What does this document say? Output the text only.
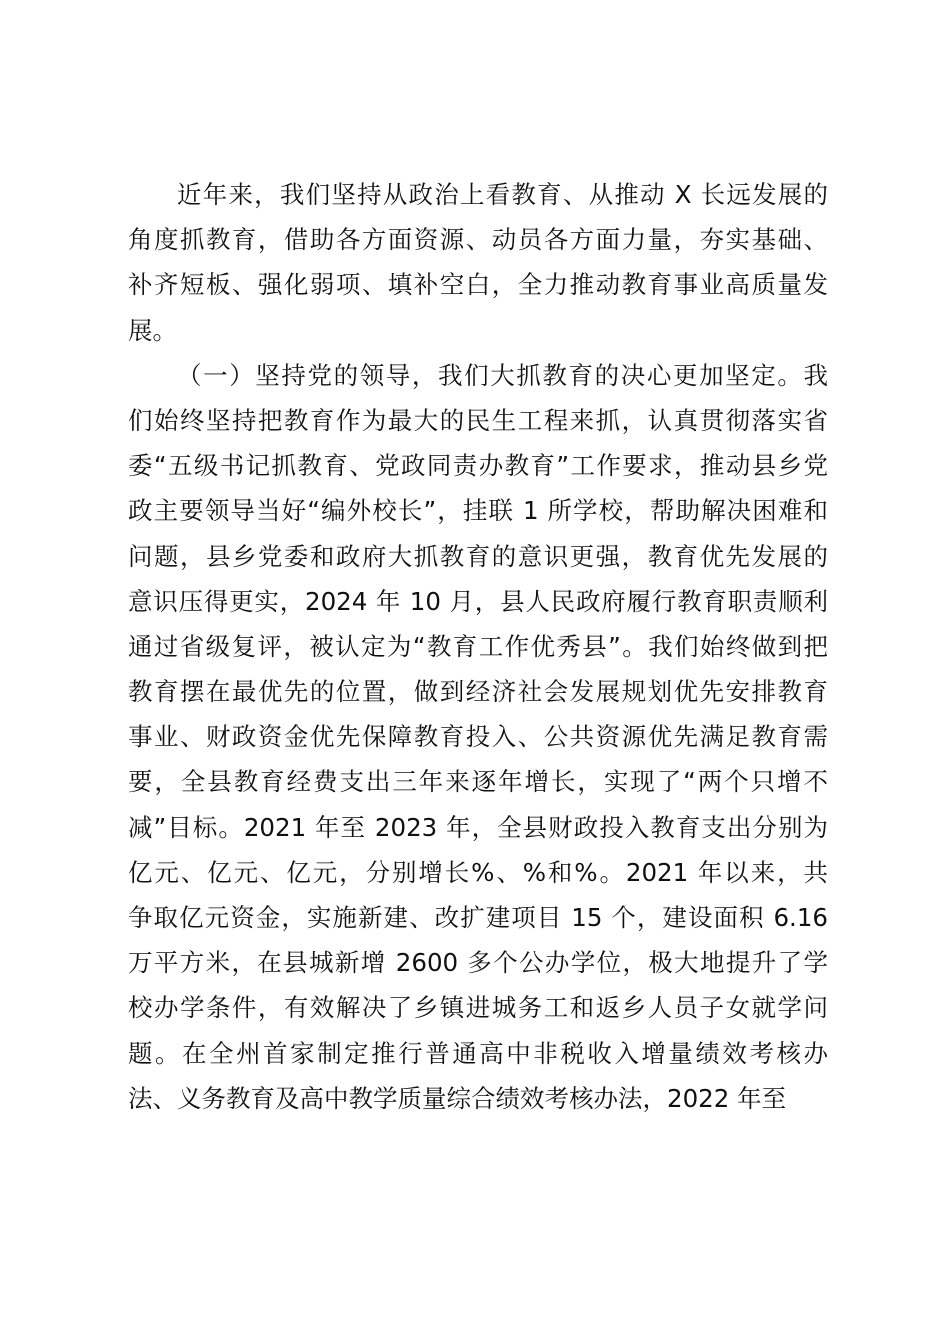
近年来，我们坚持从政治上看教育、从推动 X 长远发展的
角度抓教育，借助各方面资源、动员各方面力量，夯实基础、
补齐短板、强化弱项、填补空白，全力推动教育事业高质量发
展。
（一）坚持党的领导，我们大抓教育的决心更加坚定。我
们始终坚持把教育作为最大的民生工程来抓，认真贯彻落实省
委“五级书记抓教育、党政同责办教育”工作要求，推动县乡党
政主要领导当好“编外校长”，挂联 1 所学校，帮助解决困难和
问题，县乡党委和政府大抓教育的意识更强，教育优先发展的
意识压得更实，2024 年 10 月，县人民政府履行教育职责顺利
通过省级复评，被认定为“教育工作优秀县”。我们始终做到把
教育摆在最优先的位置，做到经济社会发展规划优先安排教育
事业、财政资金优先保障教育投入、公共资源优先满足教育需
要，全县教育经费支出三年来逐年增长，实现了“两个只增不
减”目标。2021 年至 2023 年，全县财政投入教育支出分别为
亿元、亿元、亿元，分别增长%、%和%。2021 年以来，共
争取亿元资金，实施新建、改扩建项目 15 个，建设面积 6.16
万平方米，在县城新增 2600 多个公办学位，极大地提升了学
校办学条件，有效解决了乡镇进城务工和返乡人员子女就学问
题。在全州首家制定推行普通高中非税收入增量绩效考核办
法、义务教育及高中教学质量综合绩效考核办法，2022 年至
